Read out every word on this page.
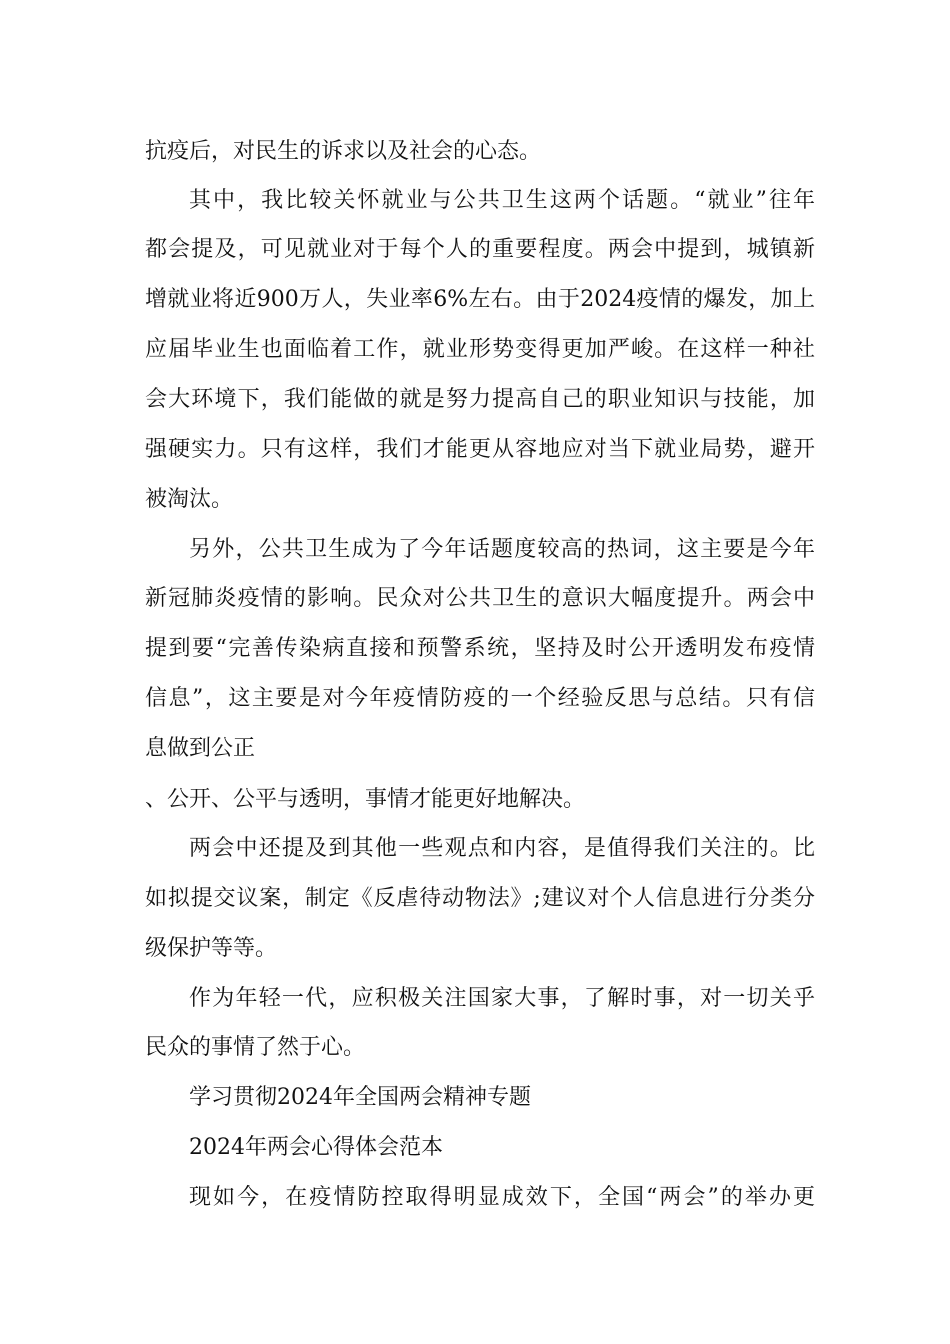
抗疫后，对民生的诉求以及社会的心态。
其中，我比较关怀就业与公共卫生这两个话题。“就业”往年
都会提及，可见就业对于每个人的重要程度。两会中提到，城镇新
增就业将近900万人，失业率6%左右。由于2024疫情的爆发，加上
应届毕业生也面临着工作，就业形势变得更加严峻。在这样一种社
会大环境下，我们能做的就是努力提高自己的职业知识与技能，加
强硬实力。只有这样，我们才能更从容地应对当下就业局势，避开
被淘汰。
另外，公共卫生成为了今年话题度较高的热词，这主要是今年
新冠肺炎疫情的影响。民众对公共卫生的意识大幅度提升。两会中
提到要“完善传染病直接和预警系统，坚持及时公开透明发布疫情
信息”，这主要是对今年疫情防疫的一个经验反思与总结。只有信
息做到公正
、公开、公平与透明，事情才能更好地解决。
两会中还提及到其他一些观点和内容，是值得我们关注的。比
如拟提交议案，制定《反虐待动物法》;建议对个人信息进行分类分
级保护等等。
作为年轻一代，应积极关注国家大事，了解时事，对一切关乎
民众的事情了然于心。
学习贯彻2024年全国两会精神专题
2024年两会心得体会范本
现如今，在疫情防控取得明显成效下，全国“两会”的举办更
